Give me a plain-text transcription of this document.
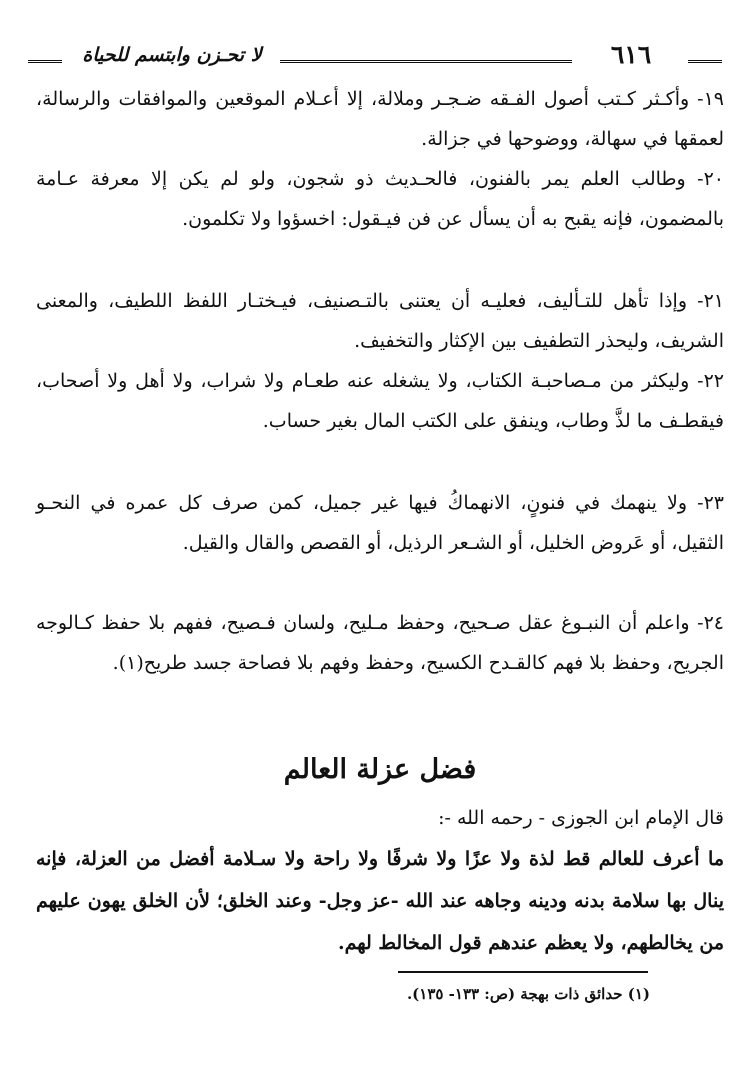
لا تحـزن وابتسم للحياة	٦١٦

١٩- وأكـثر كـتب أصول الفـقه ضـجـر وملالة، إلا أعـلام الموقعين والموافقات والرسالة، لعمقها في سهالة، ووضوحها في جزالة.

٢٠- وطالب العلم يمر بالفنون، فالحـديث ذو شجون، ولو لم يكن إلا معرفة عـامة بالمضمون، فإنه يقبح به أن يسأل عن فن فيـقول: اخسؤوا ولا تكلمون.

٢١- وإذا تأهل للتـأليف، فعليـه أن يعتنى بالتـصنيف، فيـختـار اللفظ اللطيف، والمعنى الشريف، وليحذر التطفيف بين الإكثار والتخفيف.

٢٢- وليكثر من مـصاحبـة الكتاب، ولا يشغله عنه طعـام ولا شراب، ولا أهل ولا أصحاب، فيقطـف ما لذَّ وطاب، وينفق على الكتب المال بغير حساب.

٢٣- ولا ينهمك في فنونٍ، الانهماكُ فيها غير جميل، كمن صرف كل عمره في النحـو الثقيل، أو عَروض الخليل، أو الشـعر الرذيل، أو القصص والقال والقيل.

٢٤- واعلم أن النبـوغ عقل صـحيح، وحفظ مـليح، ولسان فـصيح، ففهم بلا حفظ كـالوجه الجريح، وحفظ بلا فهم كالقـدح الكسيح، وحفظ وفهم بلا فصاحة جسد طريح(١).

فضل عزلة العالم
قال الإمام ابن الجوزى - رحمه الله -:

ما أعرف للعالم قط لذة ولا عزًا ولا شرفًا ولا راحة ولا سـلامة أفضل من العزلة، فإنه ينال بها سلامة بدنه ودينه وجاهه عند الله -عز وجل- وعند الخلق؛ لأن الخلق يهون عليهم من يخالطهم، ولا يعظم عندهم قول المخالط لهم.

(١) حدائق ذات بهجة (ص: ١٣٣- ١٣٥).
